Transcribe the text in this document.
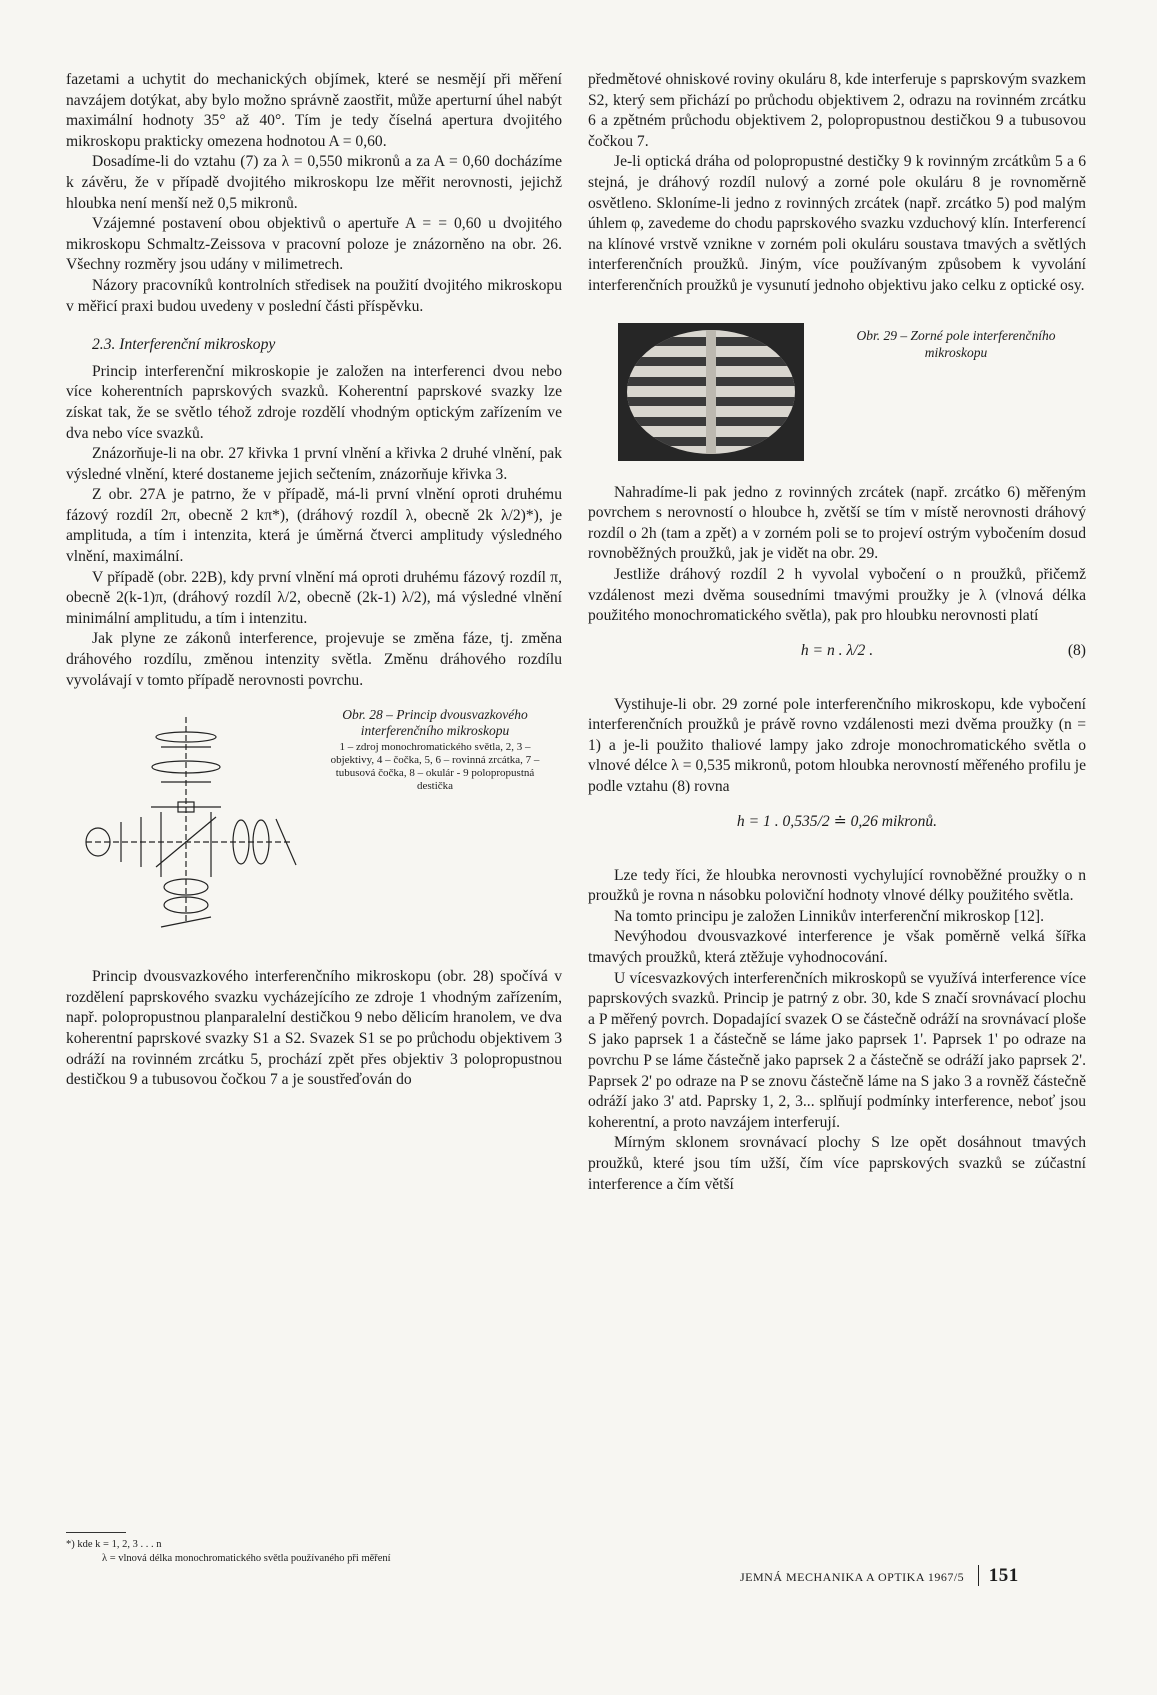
fazetami a uchytit do mechanických objímek, které se nesmějí při měření navzájem dotýkat, aby bylo možno správně zaostřit, může aperturní úhel nabýt maximální hodnoty 35° až 40°. Tím je tedy číselná apertura dvojitého mikroskopu prakticky omezena hodnotou A = 0,60.

Dosadíme-li do vztahu (7) za λ = 0,550 mikronů a za A = 0,60 docházíme k závěru, že v případě dvojitého mikroskopu lze měřit nerovnosti, jejichž hloubka není menší než 0,5 mikronů.

Vzájemné postavení obou objektivů o apertuře A = = 0,60 u dvojitého mikroskopu Schmaltz-Zeissova v pracovní poloze je znázorněno na obr. 26. Všechny rozměry jsou udány v milimetrech.

Názory pracovníků kontrolních středisek na použití dvojitého mikroskopu v měřicí praxi budou uvedeny v poslední části příspěvku.

2.3. Interferenční mikroskopy

Princip interferenční mikroskopie je založen na interferenci dvou nebo více koherentních paprskových svazků. Koherentní paprskové svazky lze získat tak, že se světlo téhož zdroje rozdělí vhodným optickým zařízením ve dva nebo více svazků.

Znázorňuje-li na obr. 27 křivka 1 první vlnění a křivka 2 druhé vlnění, pak výsledné vlnění, které dostaneme jejich sečtením, znázorňuje křivka 3.

Z obr. 27A je patrno, že v případě, má-li první vlnění oproti druhému fázový rozdíl 2π, obecně 2 kπ*), (dráhový rozdíl λ, obecně 2k λ/2)*), je amplituda, a tím i intenzita, která je úměrná čtverci amplitudy výsledného vlnění, maximální.

V případě (obr. 22B), kdy první vlnění má oproti druhému fázový rozdíl π, obecně 2(k-1)π, (dráhový rozdíl λ/2, obecně (2k-1) λ/2), má výsledné vlnění minimální amplitudu, a tím i intenzitu.

Jak plyne ze zákonů interference, projevuje se změna fáze, tj. změna dráhového rozdílu, změnou intenzity světla. Změnu dráhového rozdílu vyvolávají v tomto případě nerovnosti povrchu.

Obr. 28 – Princip dvousvazkového interferenčního mikroskopu
1 – zdroj monochromatického světla, 2, 3 – objektivy, 4 – čočka, 5, 6 – rovinná zrcátka, 7 – tubusová čočka, 8 – okulár - 9 polopropustná destička

Princip dvousvazkového interferenčního mikroskopu (obr. 28) spočívá v rozdělení paprskového svazku vycházejícího ze zdroje 1 vhodným zařízením, např. polopropustnou planparalelní destičkou 9 nebo dělicím hranolem, ve dva koherentní paprskové svazky S1 a S2. Svazek S1 se po průchodu objektivem 3 odráží na rovinném zrcátku 5, prochází zpět přes objektiv 3 polopropustnou destičkou 9 a tubusovou čočkou 7 a je soustřeďován do

*) kde k = 1, 2, 3 . . . n
λ = vlnová délka monochromatického světla používaného při měření

předmětové ohniskové roviny okuláru 8, kde interferuje s paprskovým svazkem S2, který sem přichází po průchodu objektivem 2, odrazu na rovinném zrcátku 6 a zpětném průchodu objektivem 2, polopropustnou destičkou 9 a tubusovou čočkou 7.

Je-li optická dráha od polopropustné destičky 9 k rovinným zrcátkům 5 a 6 stejná, je dráhový rozdíl nulový a zorné pole okuláru 8 je rovnoměrně osvětleno. Skloníme-li jedno z rovinných zrcátek (např. zrcátko 5) pod malým úhlem φ, zavedeme do chodu paprskového svazku vzduchový klín. Interferencí na klínové vrstvě vznikne v zorném poli okuláru soustava tmavých a světlých interferenčních proužků. Jiným, více používaným způsobem k vyvolání interferenčních proužků je vysunutí jednoho objektivu jako celku z optické osy.

Obr. 29 – Zorné pole interferenčního mikroskopu

Nahradíme-li pak jedno z rovinných zrcátek (např. zrcátko 6) měřeným povrchem s nerovností o hloubce h, zvětší se tím v místě nerovnosti dráhový rozdíl o 2h (tam a zpět) a v zorném poli se to projeví ostrým vybočením dosud rovnoběžných proužků, jak je vidět na obr. 29.

Jestliže dráhový rozdíl 2 h vyvolal vybočení o n proužků, přičemž vzdálenost mezi dvěma sousedními tmavými proužky je λ (vlnová délka použitého monochromatického světla), pak pro hloubku nerovnosti platí

h = n . λ/2 .	(8)

Vystihuje-li obr. 29 zorné pole interferenčního mikroskopu, kde vybočení interferenčních proužků je právě rovno vzdálenosti mezi dvěma proužky (n = 1) a je-li použito thaliové lampy jako zdroje monochromatického světla o vlnové délce λ = 0,535 mikronů, potom hloubka nerovností měřeného profilu je podle vztahu (8) rovna

h = 1 . 0,535/2 ≐ 0,26 mikronů.

Lze tedy říci, že hloubka nerovnosti vychylující rovnoběžné proužky o n proužků je rovna n násobku poloviční hodnoty vlnové délky použitého světla.

Na tomto principu je založen Linnikův interferenční mikroskop [12].

Nevýhodou dvousvazkové interference je však poměrně velká šířka tmavých proužků, která ztěžuje vyhodnocování.

U vícesvazkových interferenčních mikroskopů se využívá interference více paprskových svazků. Princip je patrný z obr. 30, kde S značí srovnávací plochu a P měřený povrch. Dopadající svazek O se částečně odráží na srovnávací ploše S jako paprsek 1 a částečně se láme jako paprsek 1'. Paprsek 1' po odraze na povrchu P se láme částečně jako paprsek 2 a částečně se odráží jako paprsek 2'. Paprsek 2' po odraze na P se znovu částečně láme na S jako 3 a rovněž částečně odráží jako 3' atd. Paprsky 1, 2, 3... splňují podmínky interference, neboť jsou koherentní, a proto navzájem interferují.

Mírným sklonem srovnávací plochy S lze opět dosáhnout tmavých proužků, které jsou tím užší, čím více paprskových svazků se zúčastní interference a čím větší

JEMNÁ MECHANIKA A OPTIKA 1967/5 151
